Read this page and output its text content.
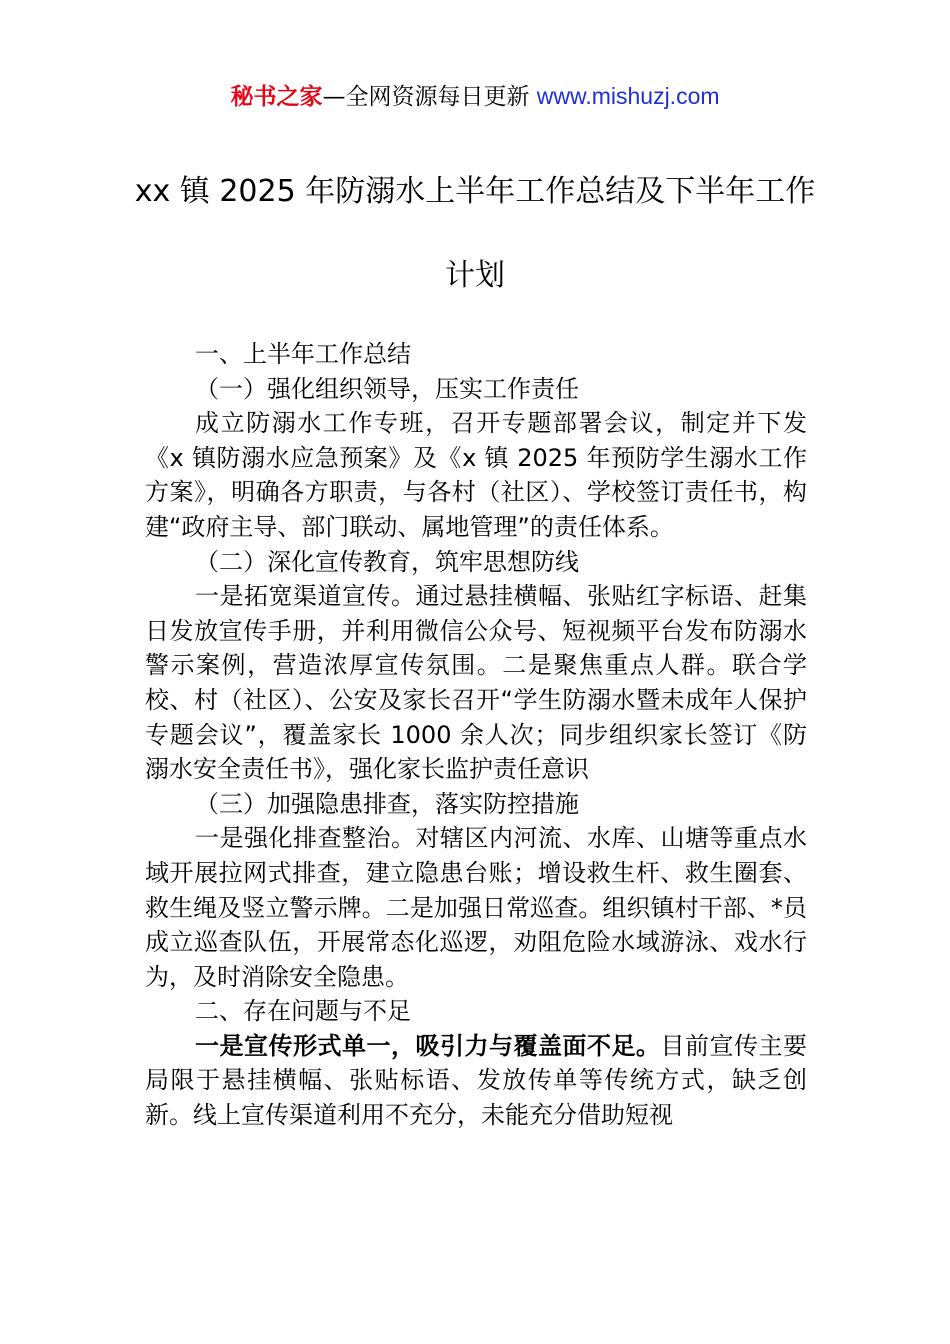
秘书之家—全网资源每日更新 www.mishuzj.com
xx 镇 2025 年防溺水上半年工作总结及下半年工作计划

一、上半年工作总结

（一）强化组织领导，压实工作责任

成立防溺水工作专班，召开专题部署会议，制定并下发《x 镇防溺水应急预案》及《x 镇 2025 年预防学生溺水工作方案》，明确各方职责，与各村（社区）、学校签订责任书，构建“政府主导、部门联动、属地管理”的责任体系。

（二）深化宣传教育，筑牢思想防线

一是拓宽渠道宣传。通过悬挂横幅、张贴红字标语、赶集日发放宣传手册，并利用微信公众号、短视频平台发布防溺水警示案例，营造浓厚宣传氛围。二是聚焦重点人群。联合学校、村（社区）、公安及家长召开“学生防溺水暨未成年人保护专题会议”，覆盖家长 1000 余人次；同步组织家长签订《防溺水安全责任书》，强化家长监护责任意识

（三）加强隐患排查，落实防控措施

一是强化排查整治。对辖区内河流、水库、山塘等重点水域开展拉网式排查，建立隐患台账；增设救生杆、救生圈套、救生绳及竖立警示牌。二是加强日常巡查。组织镇村干部、*员成立巡查队伍，开展常态化巡逻，劝阻危险水域游泳、戏水行为，及时消除安全隐患。

二、存在问题与不足

一是宣传形式单一，吸引力与覆盖面不足。目前宣传主要局限于悬挂横幅、张贴标语、发放传单等传统方式，缺乏创新。线上宣传渠道利用不充分，未能充分借助短视
